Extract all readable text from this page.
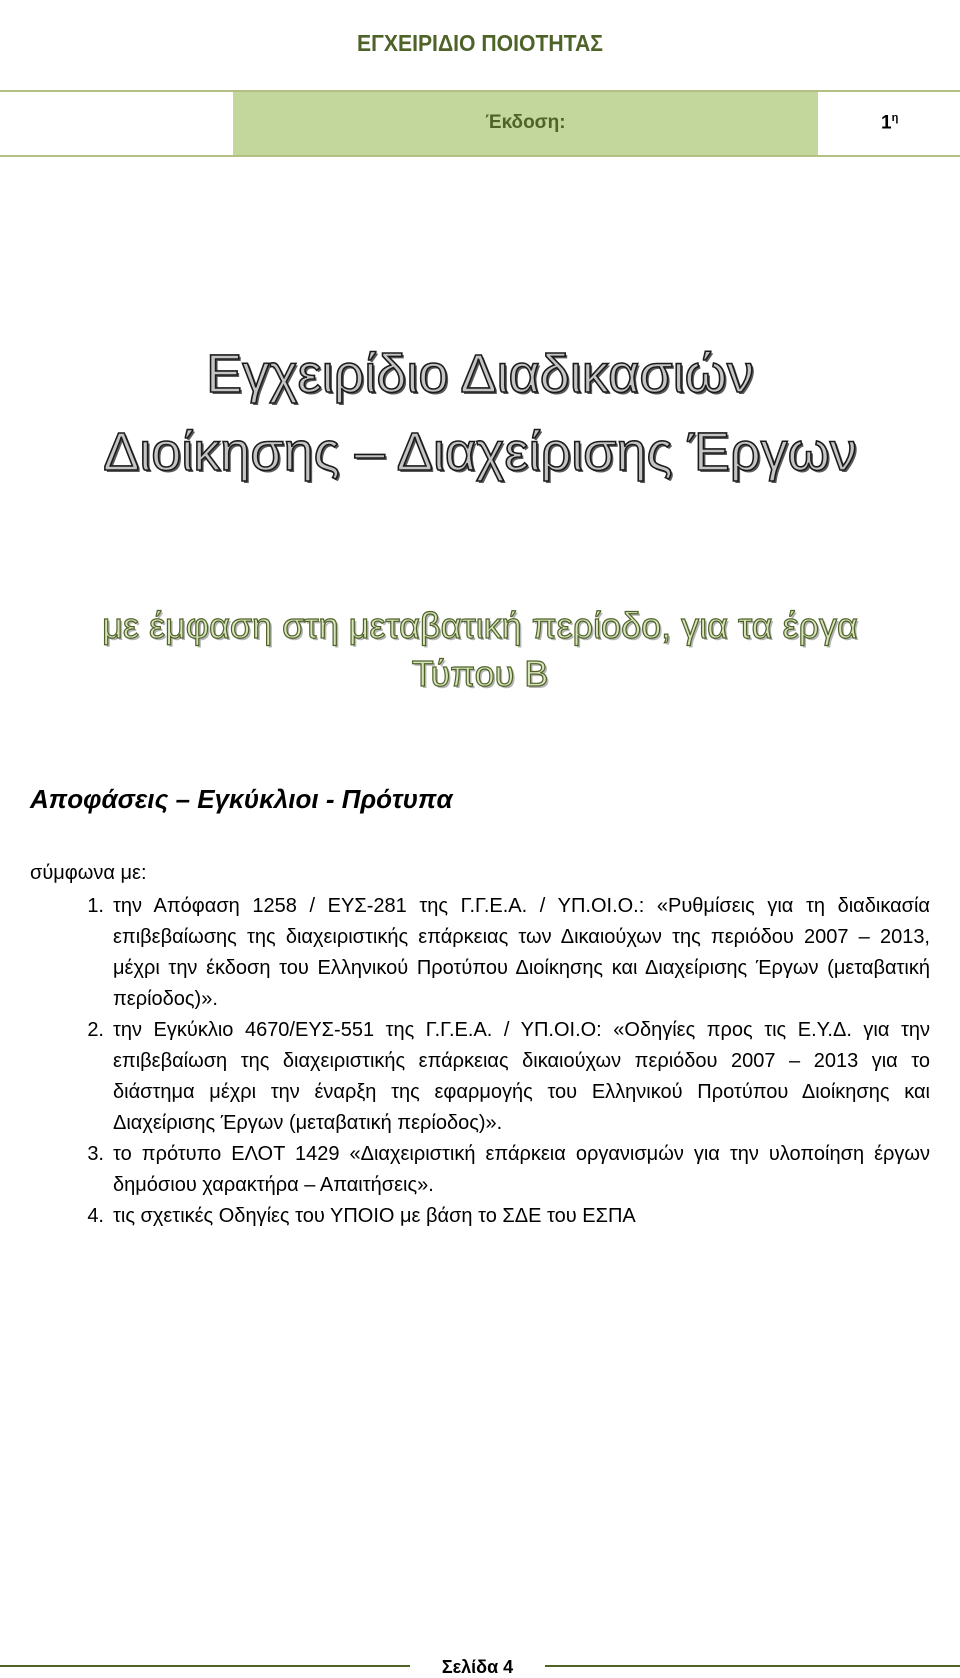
ΕΓΧΕΙΡΙΔΙΟ ΠΟΙΟΤΗΤΑΣ
Έκδοση:	$1^\eta$
Εγχειρίδιο Διαδικασιών
Διοίκησης – Διαχείρισης Έργων
με έμφαση στη μεταβατική περίοδο, για τα έργα
Τύπου Β
Αποφάσεις – Εγκύκλιοι - Πρότυπα
σύμφωνα με:
1. την Απόφαση 1258 / ΕΥΣ-281 της Γ.Γ.Ε.Α. / ΥΠ.ΟΙ.Ο.: «Ρυθμίσεις για τη διαδικασία επιβεβαίωσης της διαχειριστικής επάρκειας των Δικαιούχων της περιόδου 2007 – 2013, μέχρι την έκδοση του Ελληνικού Προτύπου Διοίκησης και Διαχείρισης Έργων (μεταβατική περίοδος)».
2. την Εγκύκλιο 4670/ΕΥΣ-551 της Γ.Γ.Ε.Α. / ΥΠ.ΟΙ.Ο: «Οδηγίες προς τις Ε.Υ.Δ. για την επιβεβαίωση της διαχειριστικής επάρκειας δικαιούχων περιόδου 2007 – 2013 για το διάστημα μέχρι την έναρξη της εφαρμογής του Ελληνικού Προτύπου Διοίκησης και Διαχείρισης Έργων (μεταβατική περίοδος)».
3. το πρότυπο ΕΛΟΤ 1429 «Διαχειριστική επάρκεια οργανισμών για την υλοποίηση έργων δημόσιου χαρακτήρα – Απαιτήσεις».
4. τις σχετικές Οδηγίες του ΥΠΟΙΟ με βάση το ΣΔΕ του ΕΣΠΑ
Σελίδα 4
